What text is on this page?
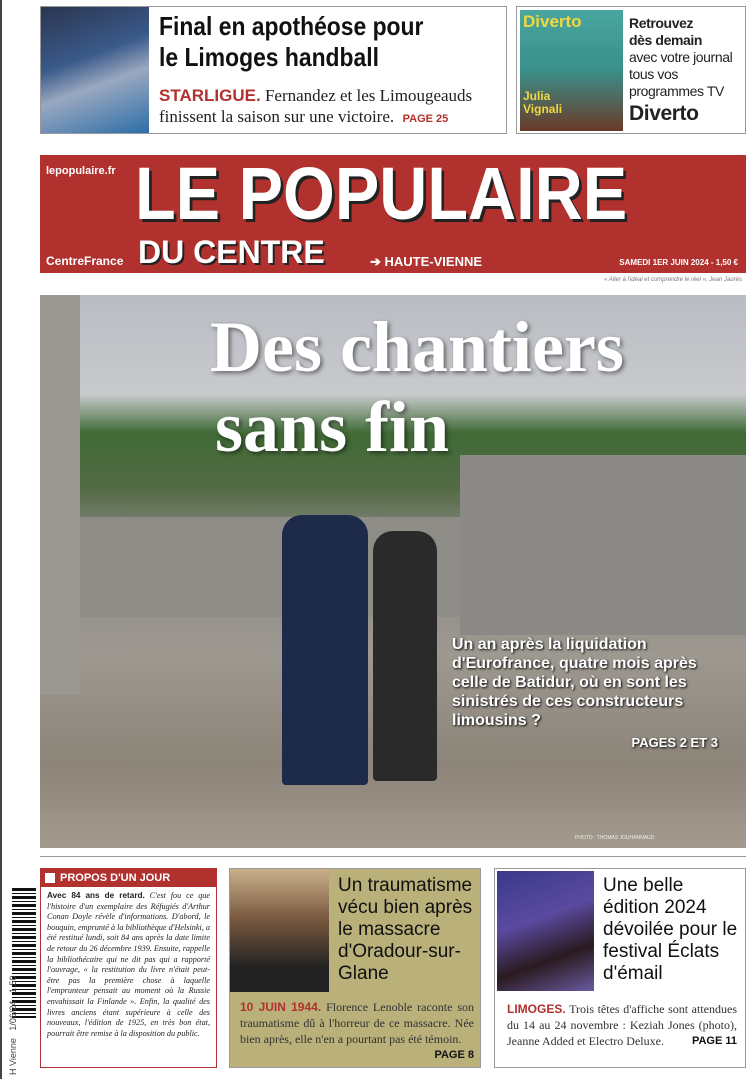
Final en apothéose pour
le Limoges handball
STARLIGUE. Fernandez et les Limougeauds finissent la saison sur une victoire. PAGE 25
Diverto
Julia Vignali
Retrouvez
dès demain
avec votre journal
tous vos
programmes TV
Diverto
lepopulaire.fr LE POPULAIRE
DU CENTRE
CentreFrance	➔ HAUTE-VIENNE	SAMEDI 1ER JUIN 2024 - 1,50 €
« Aller à l'idéal et comprendre le réel », Jean Jaurès
Des chantiers
sans fin
Un an après la liquidation d'Eurofrance, quatre mois après celle de Batidur, où en sont les sinistrés de ces constructeurs limousins ?
PAGES 2 ET 3
PHOTO : THOMAS JOUHANNAUD
H Vienne   1/06/24   1,50
PROPOS D'UN JOUR
Avec 84 ans de retard. C'est fou ce que l'histoire d'un exemplaire des Réfugiés d'Arthur Conan Doyle révèle d'informations. D'abord, le bouquin, emprunté à la bibliothèque d'Helsinki, a été restitué lundi, soit 84 ans après la date limite de retour du 26 décembre 1939. Ensuite, rappelle la bibliothécaire qui ne dit pas qui a rapporté l'ouvrage, « la restitution du livre n'était peut-être pas la première chose à laquelle l'emprunteur pensait au moment où la Russie envahissait la Finlande ». Enfin, la qualité des livres anciens étant supérieure à celle des nouveaux, l'édition de 1925, en très bon état, pourrait être remise à la disposition du public.
Un traumatisme vécu bien après le massacre d'Oradour-sur-Glane
10 JUIN 1944. Florence Lenoble raconte son traumatisme dû à l'horreur de ce massacre. Née bien après, elle n'en a pourtant pas été témoin.
PAGE 8
Une belle édition 2024 dévoilée pour le festival Éclats d'émail
LIMOGES. Trois têtes d'affiche sont attendues du 14 au 24 novembre : Keziah Jones (photo), Jeanne Added et Electro Deluxe.	PAGE 11
